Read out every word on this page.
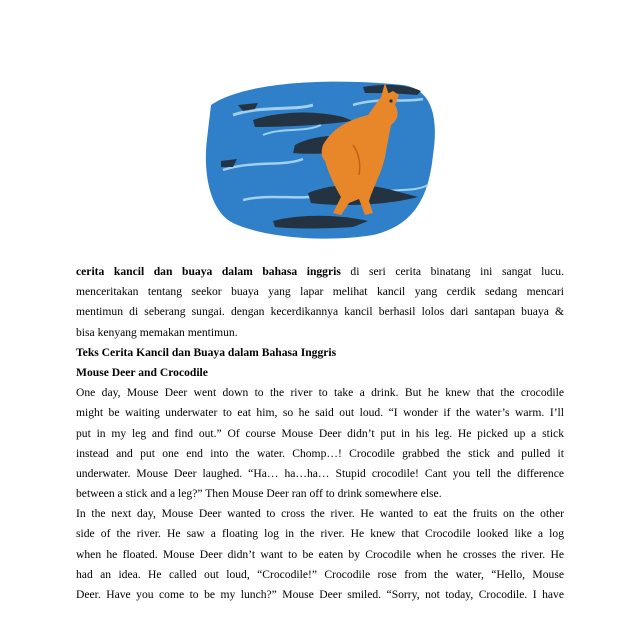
cerita kancil dan buaya dalam bahasa inggris di seri cerita binatang ini sangat lucu.
menceritakan tentang seekor buaya yang lapar melihat kancil yang cerdik sedang mencari
mentimun di seberang sungai. dengan kecerdikannya kancil berhasil lolos dari santapan buaya &
bisa kenyang memakan mentimun.
Teks Cerita Kancil dan Buaya dalam Bahasa Inggris
Mouse Deer and Crocodile
One day, Mouse Deer went down to the river to take a drink. But he knew that the crocodile
might be waiting underwater to eat him, so he said out loud. “I wonder if the water’s warm. I’ll
put in my leg and find out.” Of course Mouse Deer didn’t put in his leg. He picked up a stick
instead and put one end into the water. Chomp…! Crocodile grabbed the stick and pulled it
underwater. Mouse Deer laughed. “Ha… ha…ha… Stupid crocodile! Cant you tell the difference
between a stick and a leg?” Then Mouse Deer ran off to drink somewhere else.
In the next day, Mouse Deer wanted to cross the river. He wanted to eat the fruits on the other
side of the river. He saw a floating log in the river. He knew that Crocodile looked like a log
when he floated. Mouse Deer didn’t want to be eaten by Crocodile when he crosses the river. He
had an idea. He called out loud, “Crocodile!” Crocodile rose from the water, “Hello, Mouse
Deer. Have you come to be my lunch?” Mouse Deer smiled. “Sorry, not today, Crocodile. I have
